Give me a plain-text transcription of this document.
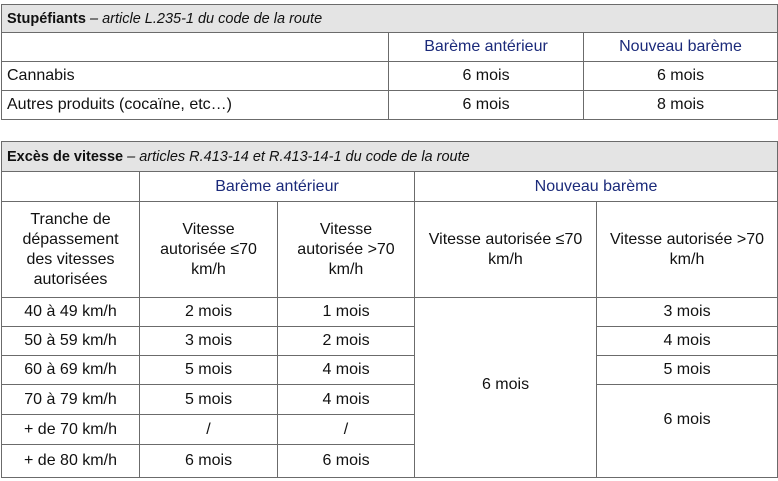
Stupéfiants – article L.235-1 du code de la route		
	Barème antérieur	Nouveau barème
Cannabis	6 mois	6 mois
Autres produits (cocaïne, etc…)	6 mois	8 mois
Excès de vitesse – articles R.413-14 et R.413-14-1 du code de la route				
	Barème antérieur		Nouveau barème	

Tranche de dépassement des vitesses autorisées	Vitesse autorisée ≤70 km/h	Vitesse autorisée >70 km/h	Vitesse autorisée ≤70 km/h	Vitesse autorisée >70 km/h

40 à 49 km/h	2 mois	1 mois	6 mois	3 mois
50 à 59 km/h	3 mois	2 mois		4 mois
60 à 69 km/h	5 mois	4 mois		5 mois
70 à 79 km/h	5 mois	4 mois		6 mois

+ de 70 km/h	/	/		
+ de 80 km/h	6 mois	6 mois		
